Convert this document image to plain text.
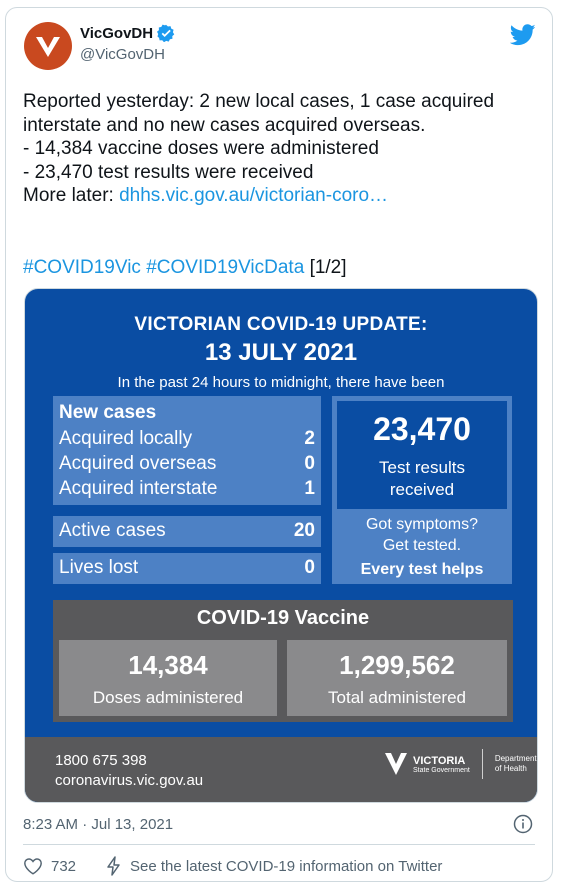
VicGovDH
@VicGovDH
Reported yesterday: 2 new local cases, 1 case acquired interstate and no new cases acquired overseas.
- 14,384 vaccine doses were administered
- 23,470 test results were received
More later: dhhs.vic.gov.au/victorian-coro…
#COVID19Vic #COVID19VicData [1/2]
VICTORIAN COVID-19 UPDATE:
13 JULY 2021
In the past 24 hours to midnight, there have been
New cases
Acquired locally	2
Acquired overseas	0
Acquired interstate	1
Active cases	20
Lives lost	0
23,470
Test results
received
Got symptoms?
Get tested.
Every test helps
COVID-19 Vaccine
14,384
Doses administered
1,299,562
Total administered
1800 675 398
coronavirus.vic.gov.au
VICTORIA
State Government
Department
of Health
8:23 AM · Jul 13, 2021
732	See the latest COVID-19 information on Twitter
